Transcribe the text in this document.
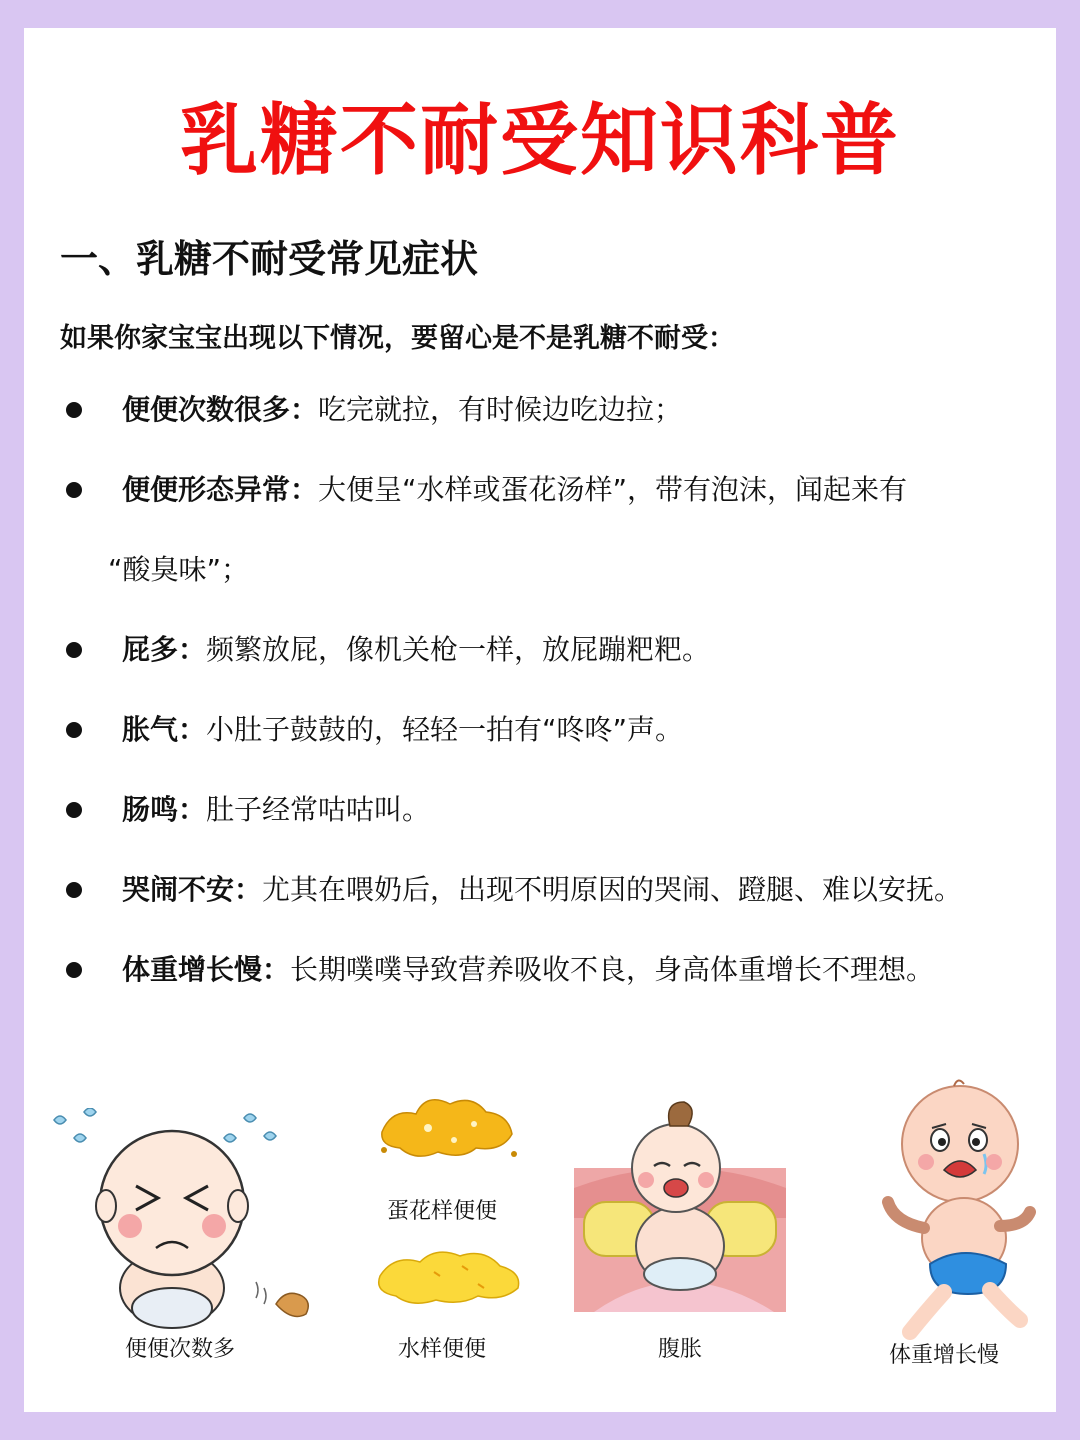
乳糖不耐受知识科普
一、乳糖不耐受常见症状
如果你家宝宝出现以下情况，要留心是不是乳糖不耐受：
便便次数很多：吃完就拉，有时候边吃边拉；
便便形态异常：大便呈“水样或蛋花汤样”，带有泡沫，闻起来有
“酸臭味”；
屁多：频繁放屁，像机关枪一样，放屁蹦粑粑。
胀气：小肚子鼓鼓的，轻轻一拍有“咚咚”声。
肠鸣：肚子经常咕咕叫。
哭闹不安：尤其在喂奶后，出现不明原因的哭闹、蹬腿、难以安抚。
体重增长慢：长期噗噗导致营养吸收不良，身高体重增长不理想。
便便次数多
蛋花样便便
水样便便	腹胀	体重增长慢
